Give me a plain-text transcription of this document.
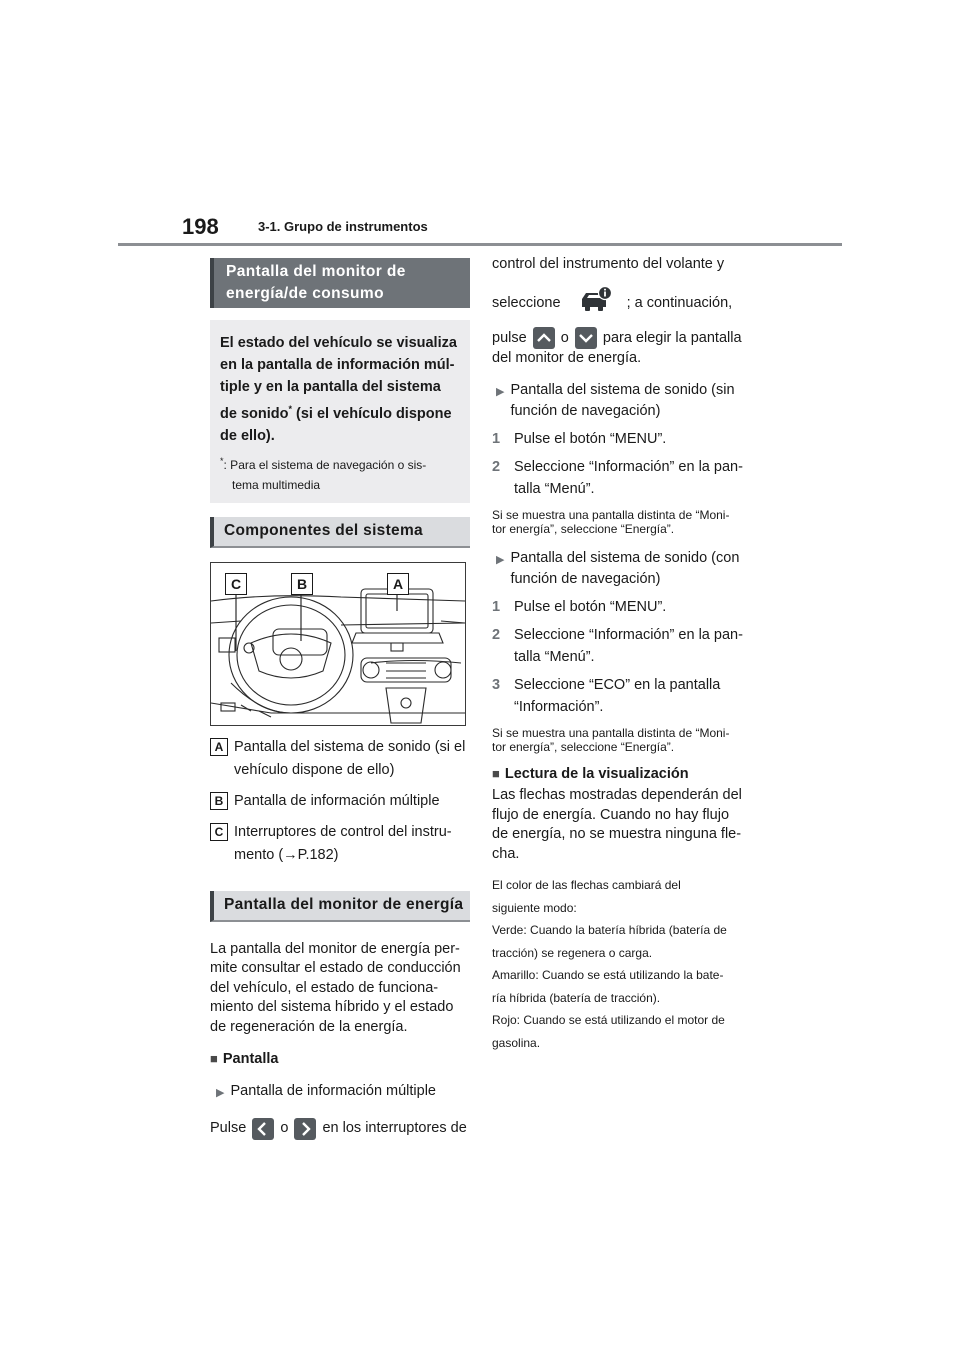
198	3-1. Grupo de instrumentos
Pantalla del monitor de energía/de consumo
El estado del vehículo se visualiza
en la pantalla de información múl-
tiple y en la pantalla del sistema
de sonido* (si el vehículo dispone
de ello).
*: Para el sistema de navegación o sis-
tema multimedia
Componentes del sistema
C	B	A
A Pantalla del sistema de sonido (si el
vehículo dispone de ello)
B Pantalla de información múltiple
C Interruptores de control del instru-
mento (→P.182)
Pantalla del monitor de energía

La pantalla del monitor de energía per-

mite consultar el estado de conducción

del vehículo, el estado de funciona-

miento del sistema híbrido y el estado

de regeneración de la energía.

■ Pantalla
▶ Pantalla de información múltiple
Pulse o en los interruptores de

control del instrumento del volante y

seleccione	; a continuación,
pulse o para elegir la pantalla

del monitor de energía.

▶ Pantalla del sistema de sonido (sin
función de navegación)
1 Pulse el botón “MENU”.
2 Seleccione “Información” en la pan-
talla “Menú”.
Si se muestra una pantalla distinta de “Moni-
tor energía”, seleccione “Energía”.
▶ Pantalla del sistema de sonido (con
función de navegación)
1 Pulse el botón “MENU”.
2 Seleccione “Información” en la pan-
talla “Menú”.
3 Seleccione “ECO” en la pantalla
“Información”.
Si se muestra una pantalla distinta de “Moni-
tor energía”, seleccione “Energía”.
■ Lectura de la visualización

Las flechas mostradas dependerán del

flujo de energía. Cuando no hay flujo

de energía, no se muestra ninguna fle-

cha.

El color de las flechas cambiará del
siguiente modo:
Verde: Cuando la batería híbrida (batería de
tracción) se regenera o carga.
Amarillo: Cuando se está utilizando la bate-
ría híbrida (batería de tracción).
Rojo: Cuando se está utilizando el motor de
gasolina.
